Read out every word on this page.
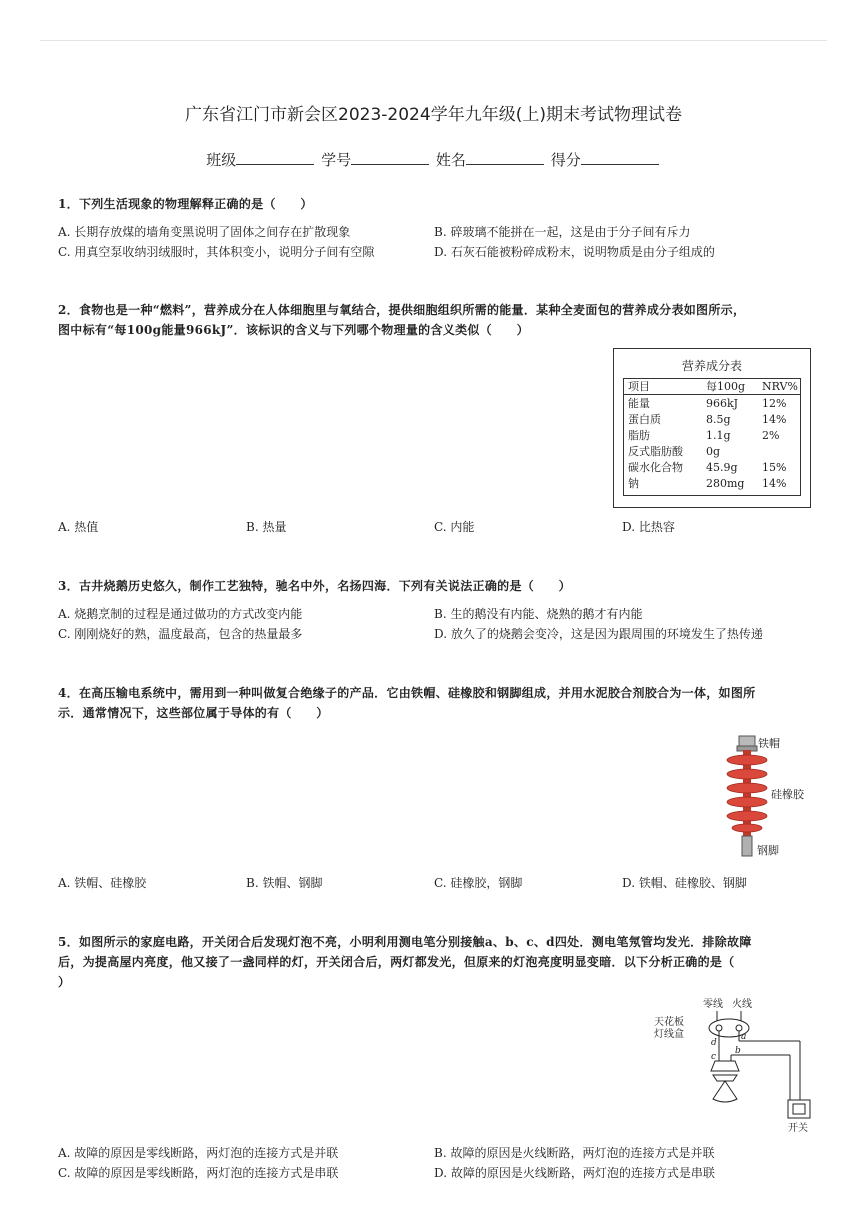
广东省江门市新会区2023-2024学年九年级(上)期末考试物理试卷
班级	学号	姓名	得分
1．下列生活现象的物理解释正确的是（　　）
A. 长期存放煤的墙角变黑说明了固体之间存在扩散现象	B. 碎玻璃不能拼在一起，这是由于分子间有斥力
C. 用真空泵收纳羽绒服时，其体积变小，说明分子间有空隙	D. 石灰石能被粉碎成粉末，说明物质是由分子组成的
2．食物也是一种“燃料”，营养成分在人体细胞里与氧结合，提供细胞组织所需的能量．某种全麦面包的营养成分表如图所示，
图中标有“每100g能量966kJ”．该标识的含义与下列哪个物理量的含义类似（　　）
营养成分表
项目	每100g NRV%
能量	966kJ 12%
蛋白质	8.5g	14%
脂肪	1.1g	2%
反式脂肪酸 0g
碳水化合物 45.9g 15%
钠	280mg 14%
A. 热值	B. 热量	C. 内能	D. 比热容
3．古井烧鹅历史悠久，制作工艺独特，驰名中外，名扬四海．下列有关说法正确的是（　　）
A. 烧鹅烹制的过程是通过做功的方式改变内能	B. 生的鹅没有内能、烧熟的鹅才有内能
C. 刚刚烧好的熟，温度最高，包含的热量最多	D. 放久了的烧鹅会变冷，这是因为跟周围的环境发生了热传递
4．在高压输电系统中，需用到一种叫做复合绝缘子的产品．它由铁帽、硅橡胶和钢脚组成，并用水泥胶合剂胶合为一体，如图所
示．通常情况下，这些部位属于导体的有（　　）
铁帽
硅橡胶
钢脚
A. 铁帽、硅橡胶	B. 铁帽、钢脚	C. 硅橡胶，钢脚	D. 铁帽、硅橡胶、钢脚
5．如图所示的家庭电路，开关闭合后发现灯泡不亮，小明利用测电笔分别接触a、b、c、d四处．测电笔氖管均发光．排除故障
后，为提高屋内亮度，他又接了一盏同样的灯，开关闭合后，两灯都发光，但原来的灯泡亮度明显变暗．以下分析正确的是（
）
零线 火线
天花板
灯线盒
开关
a
b
c
d
A. 故障的原因是零线断路，两灯泡的连接方式是并联	B. 故障的原因是火线断路，两灯泡的连接方式是并联
C. 故障的原因是零线断路，两灯泡的连接方式是串联	D. 故障的原因是火线断路，两灯泡的连接方式是串联
